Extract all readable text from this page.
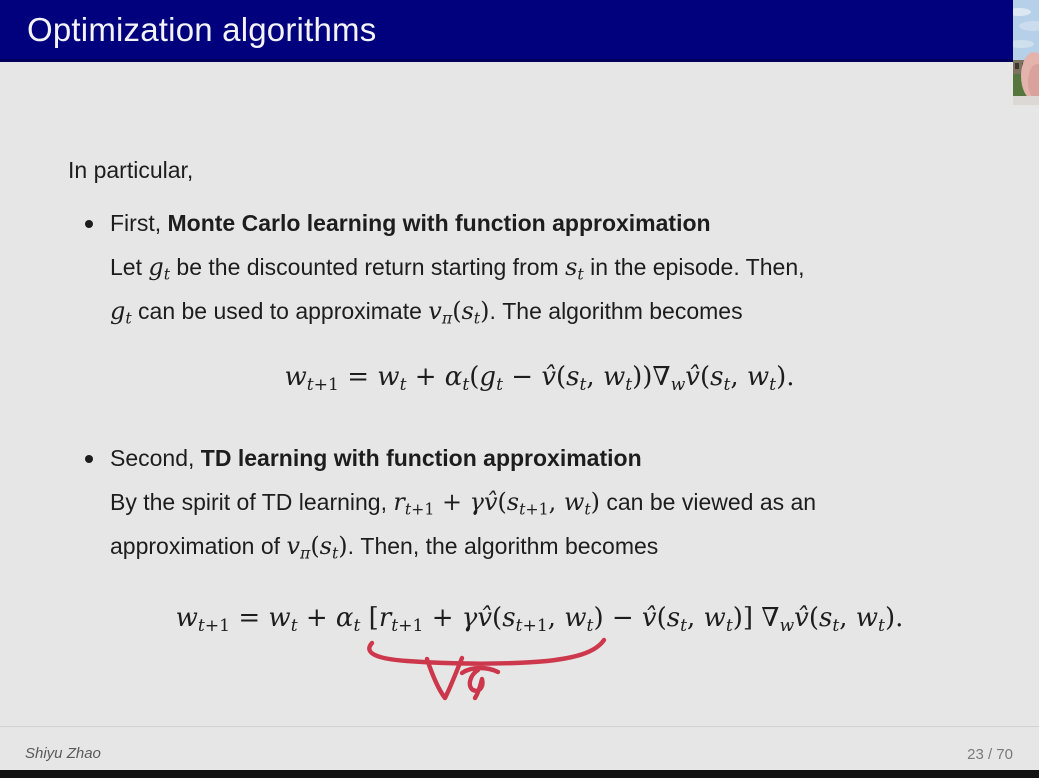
Optimization algorithms
In particular,
First, Monte Carlo learning with function approximation
Let gt be the discounted return starting from st in the episode. Then,
gt can be used to approximate vπ(st). The algorithm becomes
wt+1 = wt + αt(gt − v̂(st, wt))∇wv̂(st, wt).
Second, TD learning with function approximation
By the spirit of TD learning, rt+1 + γv̂(st+1, wt) can be viewed as an
approximation of vπ(st). Then, the algorithm becomes
wt+1 = wt + αt [rt+1 + γv̂(st+1, wt) − v̂(st, wt)] ∇wv̂(st, wt).
Shiyu Zhao	23 / 70
